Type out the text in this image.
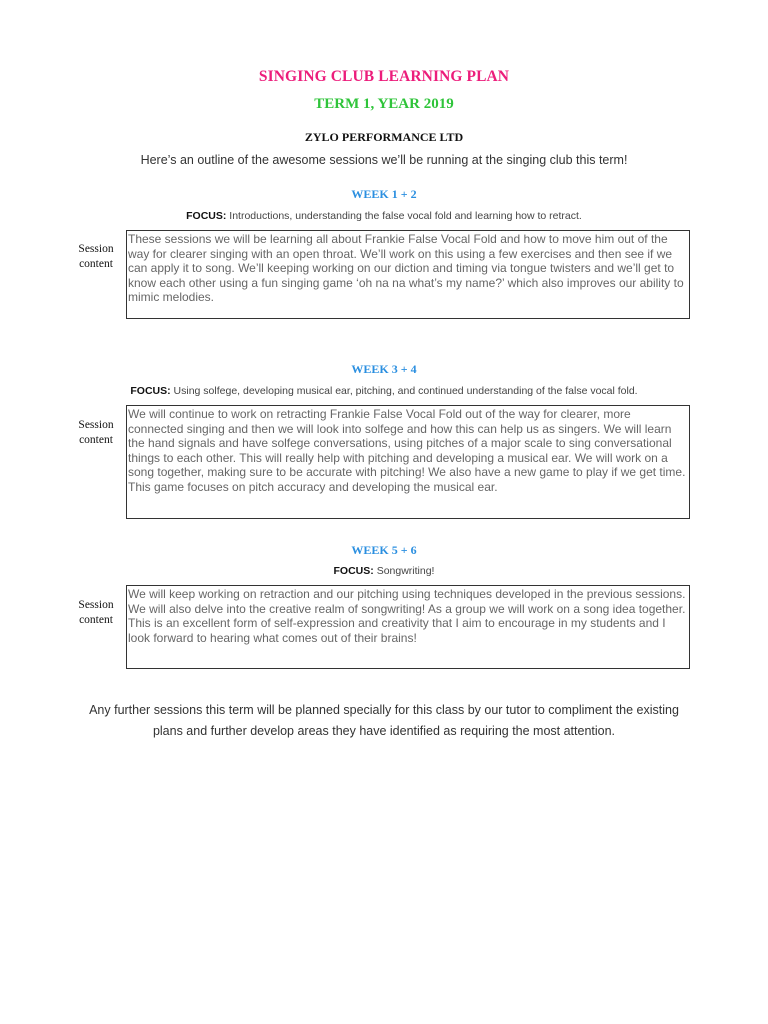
SINGING CLUB LEARNING PLAN
TERM 1, YEAR 2019
ZYLO PERFORMANCE LTD
Here’s an outline of the awesome sessions we’ll be running at the singing club this term!
WEEK 1 + 2
FOCUS: Introductions, understanding the false vocal fold and learning how to retract.
Session content
These sessions we will be learning all about Frankie False Vocal Fold and how to move him out of the way for clearer singing with an open throat. We’ll work on this using a few exercises and then see if we can apply it to song. We’ll keeping working on our diction and timing via tongue twisters and we’ll get to know each other using a fun singing game ‘oh na na what’s my name?’ which also improves our ability to mimic melodies.
WEEK 3 + 4
FOCUS: Using solfege, developing musical ear, pitching, and continued understanding of the false vocal fold.
Session content
We will continue to work on retracting Frankie False Vocal Fold out of the way for clearer, more connected singing and then we will look into solfege and how this can help us as singers. We will learn the hand signals and have solfege conversations, using pitches of a major scale to sing conversational things to each other. This will really help with pitching and developing a musical ear. We will work on a song together, making sure to be accurate with pitching! We also have a new game to play if we get time. This game focuses on pitch accuracy and developing the musical ear.
WEEK 5 + 6
FOCUS: Songwriting!
Session content
We will keep working on retraction and our pitching using techniques developed in the previous sessions. We will also delve into the creative realm of songwriting! As a group we will work on a song idea together. This is an excellent form of self-expression and creativity that I aim to encourage in my students and I look forward to hearing what comes out of their brains!
Any further sessions this term will be planned specially for this class by our tutor to compliment the existing plans and further develop areas they have identified as requiring the most attention.
